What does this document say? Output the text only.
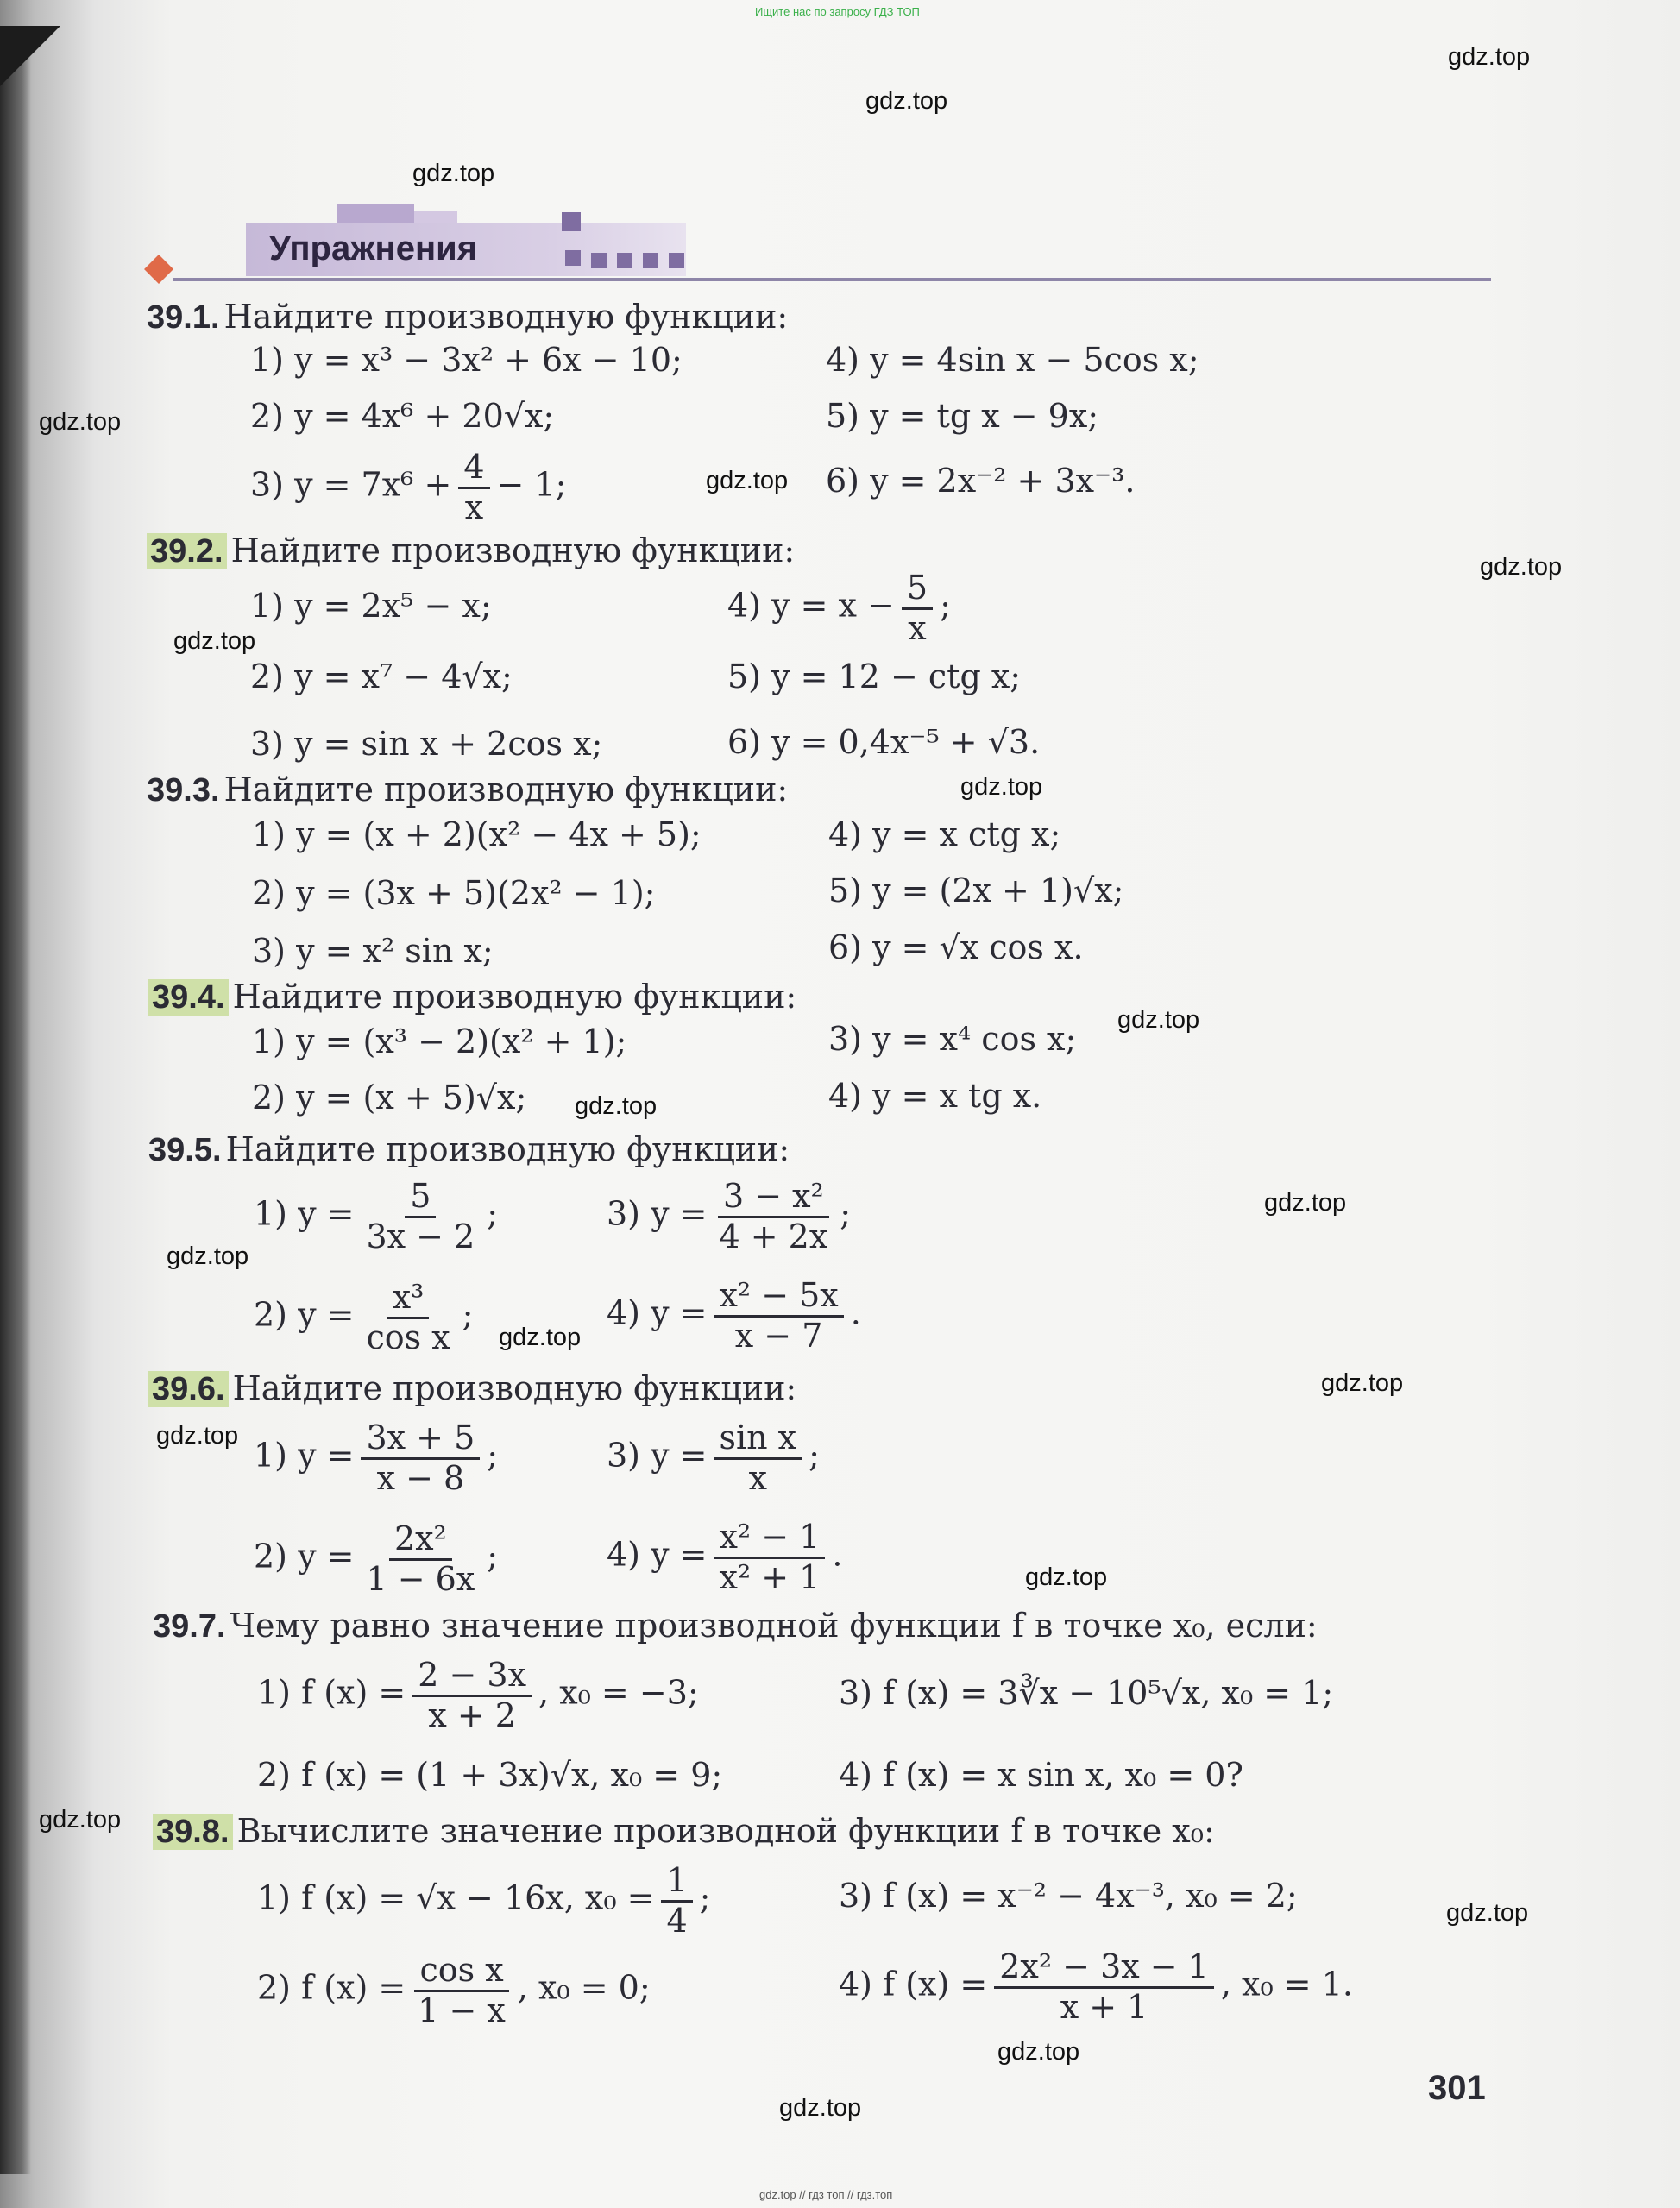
Ищите нас по запросу ГДЗ ТОП
gdz.top
gdz.top
gdz.top
gdz.top
gdz.top
gdz.top
gdz.top
gdz.top
gdz.top
gdz.top
gdz.top
gdz.top
gdz.top
gdz.top
gdz.top
gdz.top
gdz.top
gdz.top
gdz.top
gdz.top
Упражнения
39.1. Найдите производную функции:
1) y = x³ − 3x² + 6x − 10;	4) y = 4sin x − 5cos x;
2) y = 4x⁶ + 20√x;	5) y = tg x − 9x;
3) $y = 7x^6 + \frac{4}{x} - 1$;	6) y = 2x⁻² + 3x⁻³.
39.2. Найдите производную функции:
1) y = 2x⁵ − x;	4) $y = x - \frac{5}{x}$ ;
2) y = x⁷ − 4√x;	5) y = 12 − ctg x;
3) y = sin x + 2cos x;	6) y = 0,4x⁻⁵ + √3.
39.3. Найдите производную функции:
1) y = (x + 2)(x² − 4x + 5);	4) y = x ctg x;
2) y = (3x + 5)(2x² − 1);	5) y = (2x + 1)√x;
3) y = x² sin x;	6) y = √x cos x.
39.4. Найдите производную функции:
1) y = (x³ − 2)(x² + 1);	3) y = x⁴ cos x;
2) y = (x + 5)√x;	4) y = x tg x.
39.5. Найдите производную функции:
1) $y = \frac{5}{3x - 2}$ ;	3) $y = \frac{\text{3 − x²}}{4 + 2x}$ ;
2) $y = \frac{\text{x³}}{\text{cos x}}$ ;	4) $y = \frac{\text{x² − 5x}}{x - 7}$ .
39.6. Найдите производную функции:
1) $y = \frac{3x + 5}{x - 8}$ ;	3) $y = \frac{\text{sin x}}{x}$ ;
2) $y = \frac{\text{2x²}}{1 - 6x}$ ;	4) $y = \frac{\text{x² − 1}}{\text{x² + 1}}$ .
39.7. Чему равно значение производной функции f в точке x₀, если:
1) f $(x) = \frac{2 - 3x}{x + 2}$ , x₀ = −3;	3) f (x) = 3∛x − 10⁵√x, x₀ = 1;
2) f (x) = (1 + 3x)√x, x₀ = 9;	4) f (x) = x sin x, x₀ = 0?
39.8. Вычислите значение производной функции f в точке x₀:
1) f (x) = √x − 16x, $x_0 = \frac{1}{4}$ ;	3) f (x) = x⁻² − 4x⁻³, x₀ = 2;
2) f $(x) = \frac{\text{cos x}}{1 - x}$ , x₀ = 0;	4) f $(x) = \frac{\text{2x² − 3x − 1}}{x + 1}$ , x₀ = 1.
301
gdz.top // гдз топ // гдз.топ
